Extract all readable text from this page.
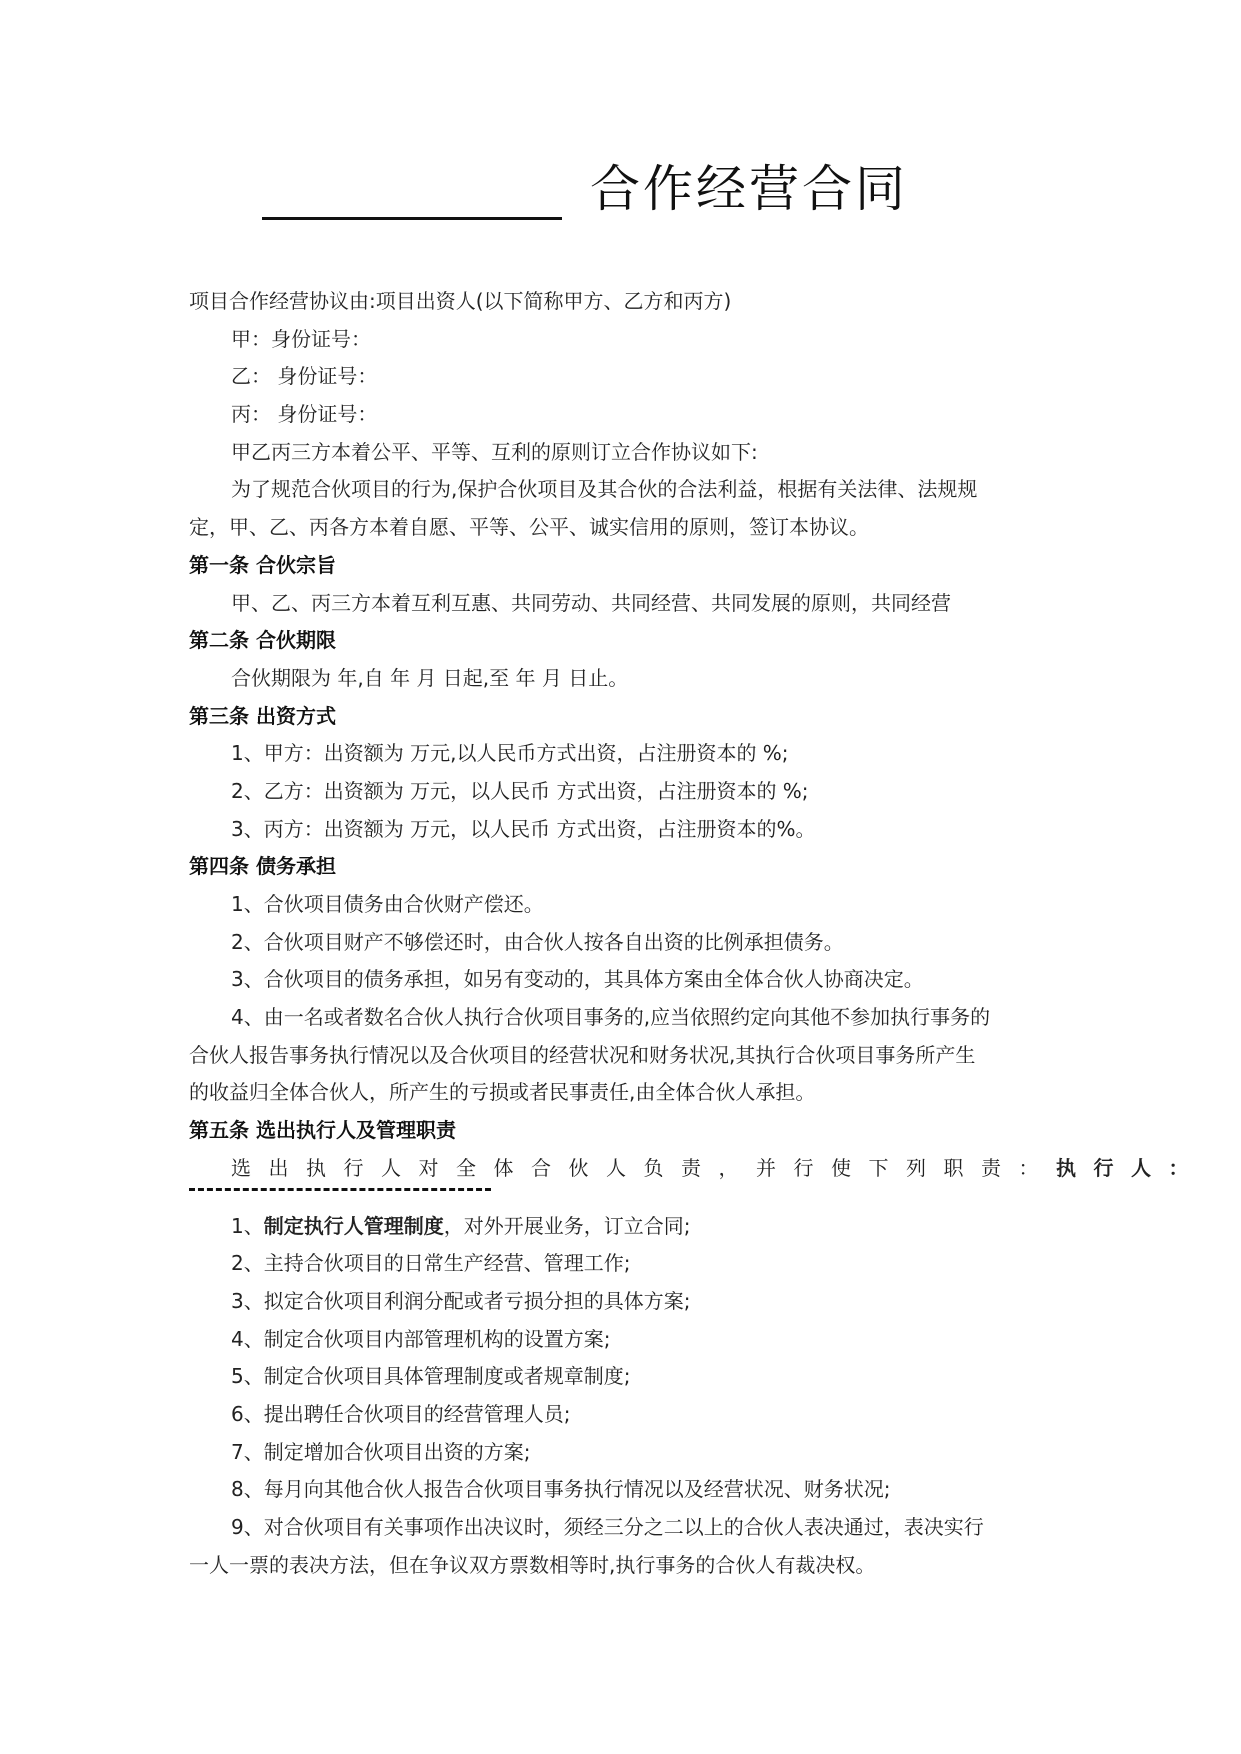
合作经营合同
项目合作经营协议由:项目出资人(以下简称甲方、乙方和丙方)
甲：身份证号：
乙： 身份证号：
丙： 身份证号：
甲乙丙三方本着公平、平等、互利的原则订立合作协议如下:
为了规范合伙项目的行为,保护合伙项目及其合伙的合法利益，根据有关法律、法规规
定，甲、乙、丙各方本着自愿、平等、公平、诚实信用的原则，签订本协议。
第一条 合伙宗旨
甲、乙、丙三方本着互利互惠、共同劳动、共同经营、共同发展的原则，共同经营
第二条 合伙期限
合伙期限为 年,自 年 月 日起,至 年 月 日止。
第三条 出资方式
1、甲方：出资额为 万元,以人民币方式出资，占注册资本的 %;
2、乙方：出资额为 万元，以人民币 方式出资，占注册资本的 %;
3、丙方：出资额为 万元，以人民币 方式出资，占注册资本的%。
第四条 债务承担
1、合伙项目债务由合伙财产偿还。
2、合伙项目财产不够偿还时，由合伙人按各自出资的比例承担债务。
3、合伙项目的债务承担，如另有变动的，其具体方案由全体合伙人协商决定。
4、由一名或者数名合伙人执行合伙项目事务的,应当依照约定向其他不参加执行事务的
合伙人报告事务执行情况以及合伙项目的经营状况和财务状况,其执行合伙项目事务所产生
的收益归全体合伙人，所产生的亏损或者民事责任,由全体合伙人承担。
第五条 选出执行人及管理职责
选出执行人对全体合伙人负责，并行使下列职责：执行人：
1、制定执行人管理制度，对外开展业务，订立合同;
2、主持合伙项目的日常生产经营、管理工作;
3、拟定合伙项目利润分配或者亏损分担的具体方案;
4、制定合伙项目内部管理机构的设置方案;
5、制定合伙项目具体管理制度或者规章制度;
6、提出聘任合伙项目的经营管理人员;
7、制定增加合伙项目出资的方案;
8、每月向其他合伙人报告合伙项目事务执行情况以及经营状况、财务状况;
9、对合伙项目有关事项作出决议时，须经三分之二以上的合伙人表决通过，表决实行
一人一票的表决方法，但在争议双方票数相等时,执行事务的合伙人有裁决权。
